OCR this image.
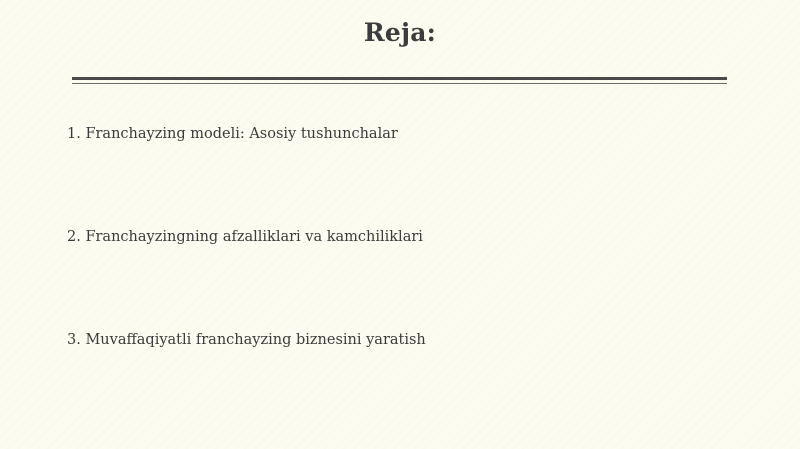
Reja:
1. Franchayzing modeli: Asosiy tushunchalar
2. Franchayzingning afzalliklari va kamchiliklari
3. Muvaffaqiyatli franchayzing biznesini yaratish
